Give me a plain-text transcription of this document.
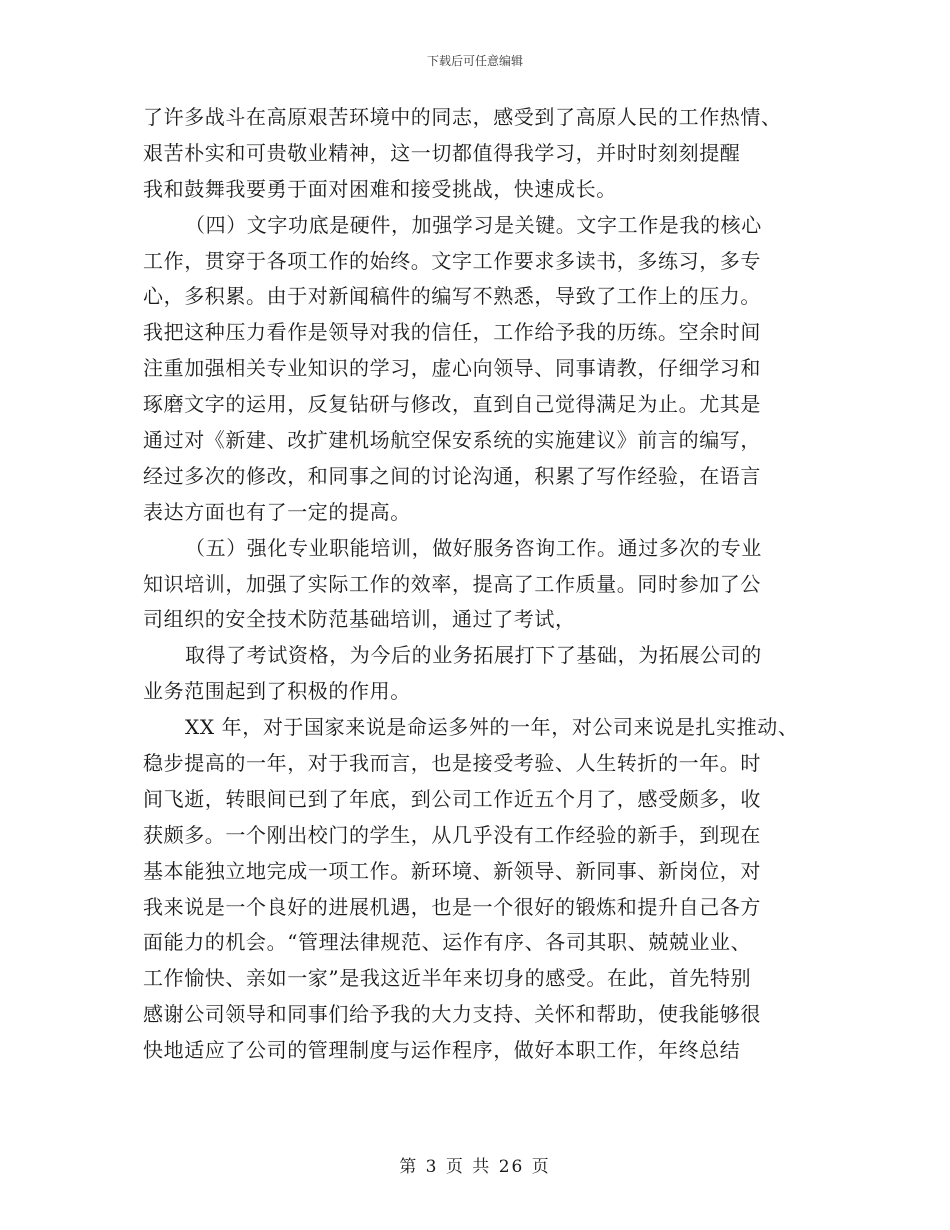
下载后可任意编辑
了许多战斗在高原艰苦环境中的同志，感受到了高原人民的工作热情、
艰苦朴实和可贵敬业精神，这一切都值得我学习，并时时刻刻提醒
我和鼓舞我要勇于面对困难和接受挑战，快速成长。
（四）文字功底是硬件，加强学习是关键。文字工作是我的核心
工作，贯穿于各项工作的始终。文字工作要求多读书，多练习，多专
心，多积累。由于对新闻稿件的编写不熟悉，导致了工作上的压力。
我把这种压力看作是领导对我的信任，工作给予我的历练。空余时间
注重加强相关专业知识的学习，虚心向领导、同事请教，仔细学习和
琢磨文字的运用，反复钻研与修改，直到自己觉得满足为止。尤其是
通过对《新建、改扩建机场航空保安系统的实施建议》前言的编写，
经过多次的修改，和同事之间的讨论沟通，积累了写作经验，在语言
表达方面也有了一定的提高。
（五）强化专业职能培训，做好服务咨询工作。通过多次的专业
知识培训，加强了实际工作的效率，提高了工作质量。同时参加了公
司组织的安全技术防范基础培训，通过了考试，
取得了考试资格，为今后的业务拓展打下了基础，为拓展公司的
业务范围起到了积极的作用。
XX 年，对于国家来说是命运多舛的一年，对公司来说是扎实推动、
稳步提高的一年，对于我而言，也是接受考验、人生转折的一年。时
间飞逝，转眼间已到了年底，到公司工作近五个月了，感受颇多，收
获颇多。一个刚出校门的学生，从几乎没有工作经验的新手，到现在
基本能独立地完成一项工作。新环境、新领导、新同事、新岗位，对
我来说是一个良好的进展机遇，也是一个很好的锻炼和提升自己各方
面能力的机会。“管理法律规范、运作有序、各司其职、兢兢业业、
工作愉快、亲如一家”是我这近半年来切身的感受。在此，首先特别
感谢公司领导和同事们给予我的大力支持、关怀和帮助，使我能够很
快地适应了公司的管理制度与运作程序，做好本职工作，年终总结
第 3 页 共 26 页
